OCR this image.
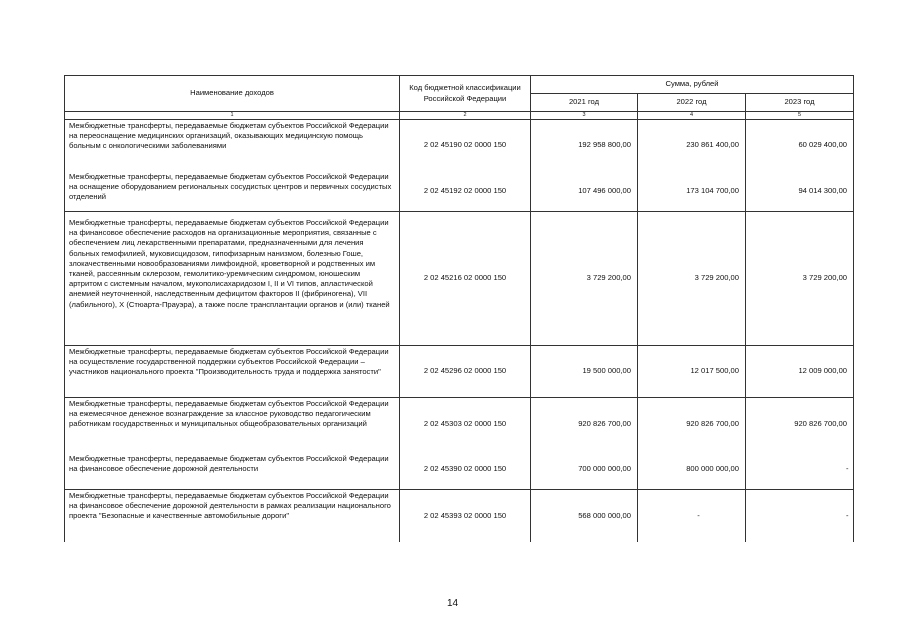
Наименование доходов	Код бюджетной классификации Российской Федерации	Сумма, рублей		
		2021 год	2022 год	2023 год
1	2	3	4	5
Межбюджетные трансферты, передаваемые бюджетам субъектов Российской Федерации на переоснащение медицинских организаций, оказывающих медицинскую помощь больным с онкологическими заболеваниями	2 02 45190 02 0000 150	192 958 800,00	230 861 400,00	60 029 400,00
Межбюджетные трансферты, передаваемые бюджетам субъектов Российской Федерации на оснащение оборудованием региональных сосудистых центров и первичных сосудистых отделений	2 02 45192 02 0000 150	107 496 000,00	173 104 700,00	94 014 300,00
Межбюджетные трансферты, передаваемые бюджетам субъектов Российской Федерации на финансовое обеспечение расходов на организационные мероприятия, связанные с обеспечением лиц лекарственными препаратами, предназначенными для лечения больных гемофилией, муковисцидозом, гипофизарным нанизмом, болезнью Гоше, злокачественными новообразованиями лимфоидной, кроветворной и родственных им тканей, рассеянным склерозом, гемолитико-уремическим синдромом, юношеским артритом с системным началом, мукополисахаридозом I, II и VI типов, апластической анемией неуточненной, наследственным дефицитом факторов II (фибриногена), VII (лабильного), X (Стюарта-Прауэра), а также после трансплантации органов и (или) тканей	2 02 45216 02 0000 150	3 729 200,00	3 729 200,00	3 729 200,00
Межбюджетные трансферты, передаваемые бюджетам субъектов Российской Федерации на осуществление государственной поддержки субъектов Российской Федерации – участников национального проекта "Производительность труда и поддержка занятости"	2 02 45296 02 0000 150	19 500 000,00	12 017 500,00	12 009 000,00
Межбюджетные трансферты, передаваемые бюджетам субъектов Российской Федерации на ежемесячное денежное вознаграждение за классное руководство педагогическим работникам государственных и муниципальных общеобразовательных организаций	2 02 45303 02 0000 150	920 826 700,00	920 826 700,00	920 826 700,00
Межбюджетные трансферты, передаваемые бюджетам субъектов Российской Федерации на финансовое обеспечение дорожной деятельности	2 02 45390 02 0000 150	700 000 000,00	800 000 000,00	-
Межбюджетные трансферты, передаваемые бюджетам субъектов Российской Федерации на финансовое обеспечение дорожной деятельности в рамках реализации национального проекта "Безопасные и качественные автомобильные дороги"	2 02 45393 02 0000 150	568 000 000,00	-	-
14
